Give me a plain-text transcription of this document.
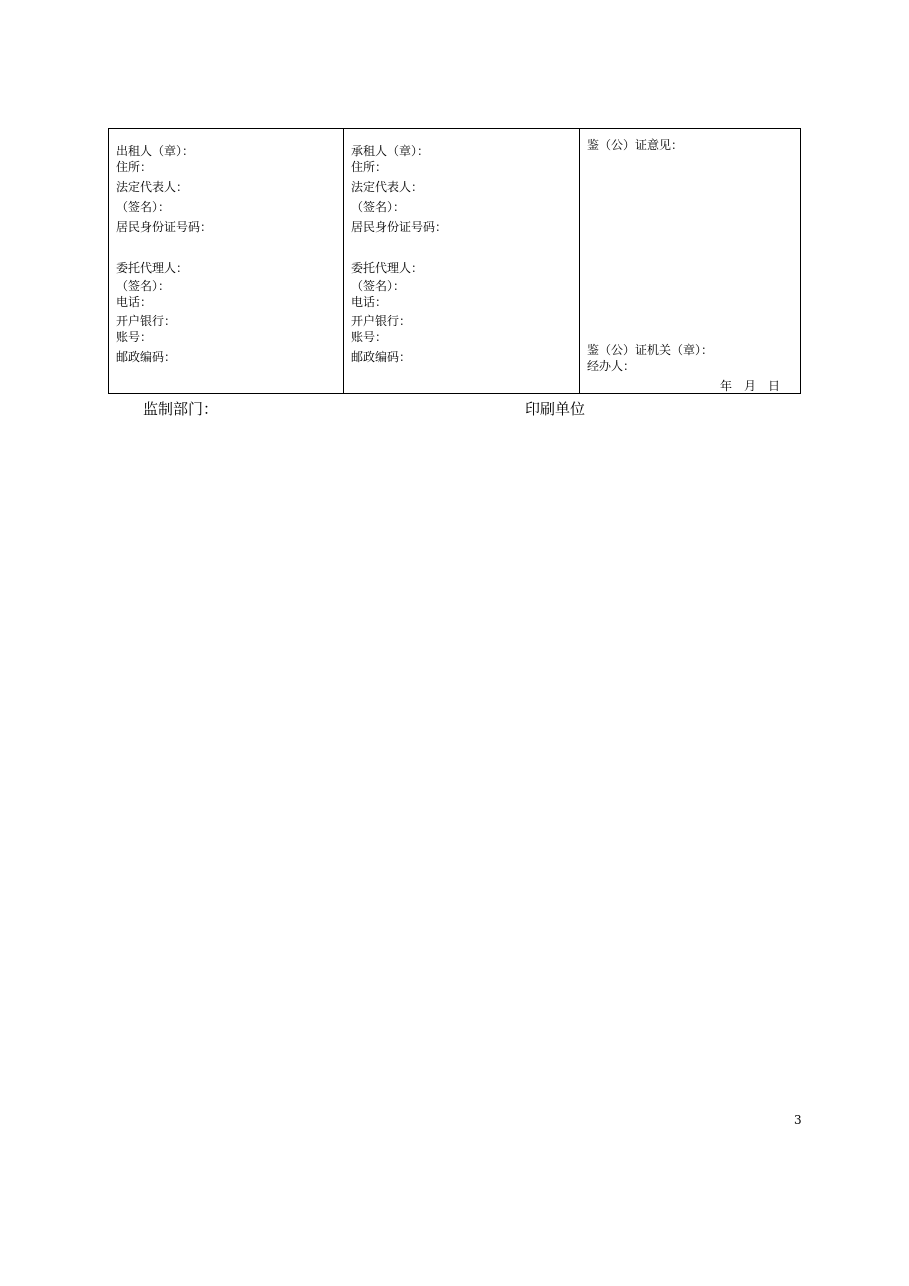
出租人（章）：
住所：
法定代表人：
（签名）：
居民身份证号码：
委托代理人：
（签名）：
电话：
开户银行：
账号：
邮政编码：
承租人（章）：
住所：
法定代表人：
（签名）：
居民身份证号码：
委托代理人：
（签名）：
电话：
开户银行：
账号：
邮政编码：
鉴（公）证意见：
鉴（公）证机关（章）：
经办人：
年　月　日
监制部门：	印刷单位
3
